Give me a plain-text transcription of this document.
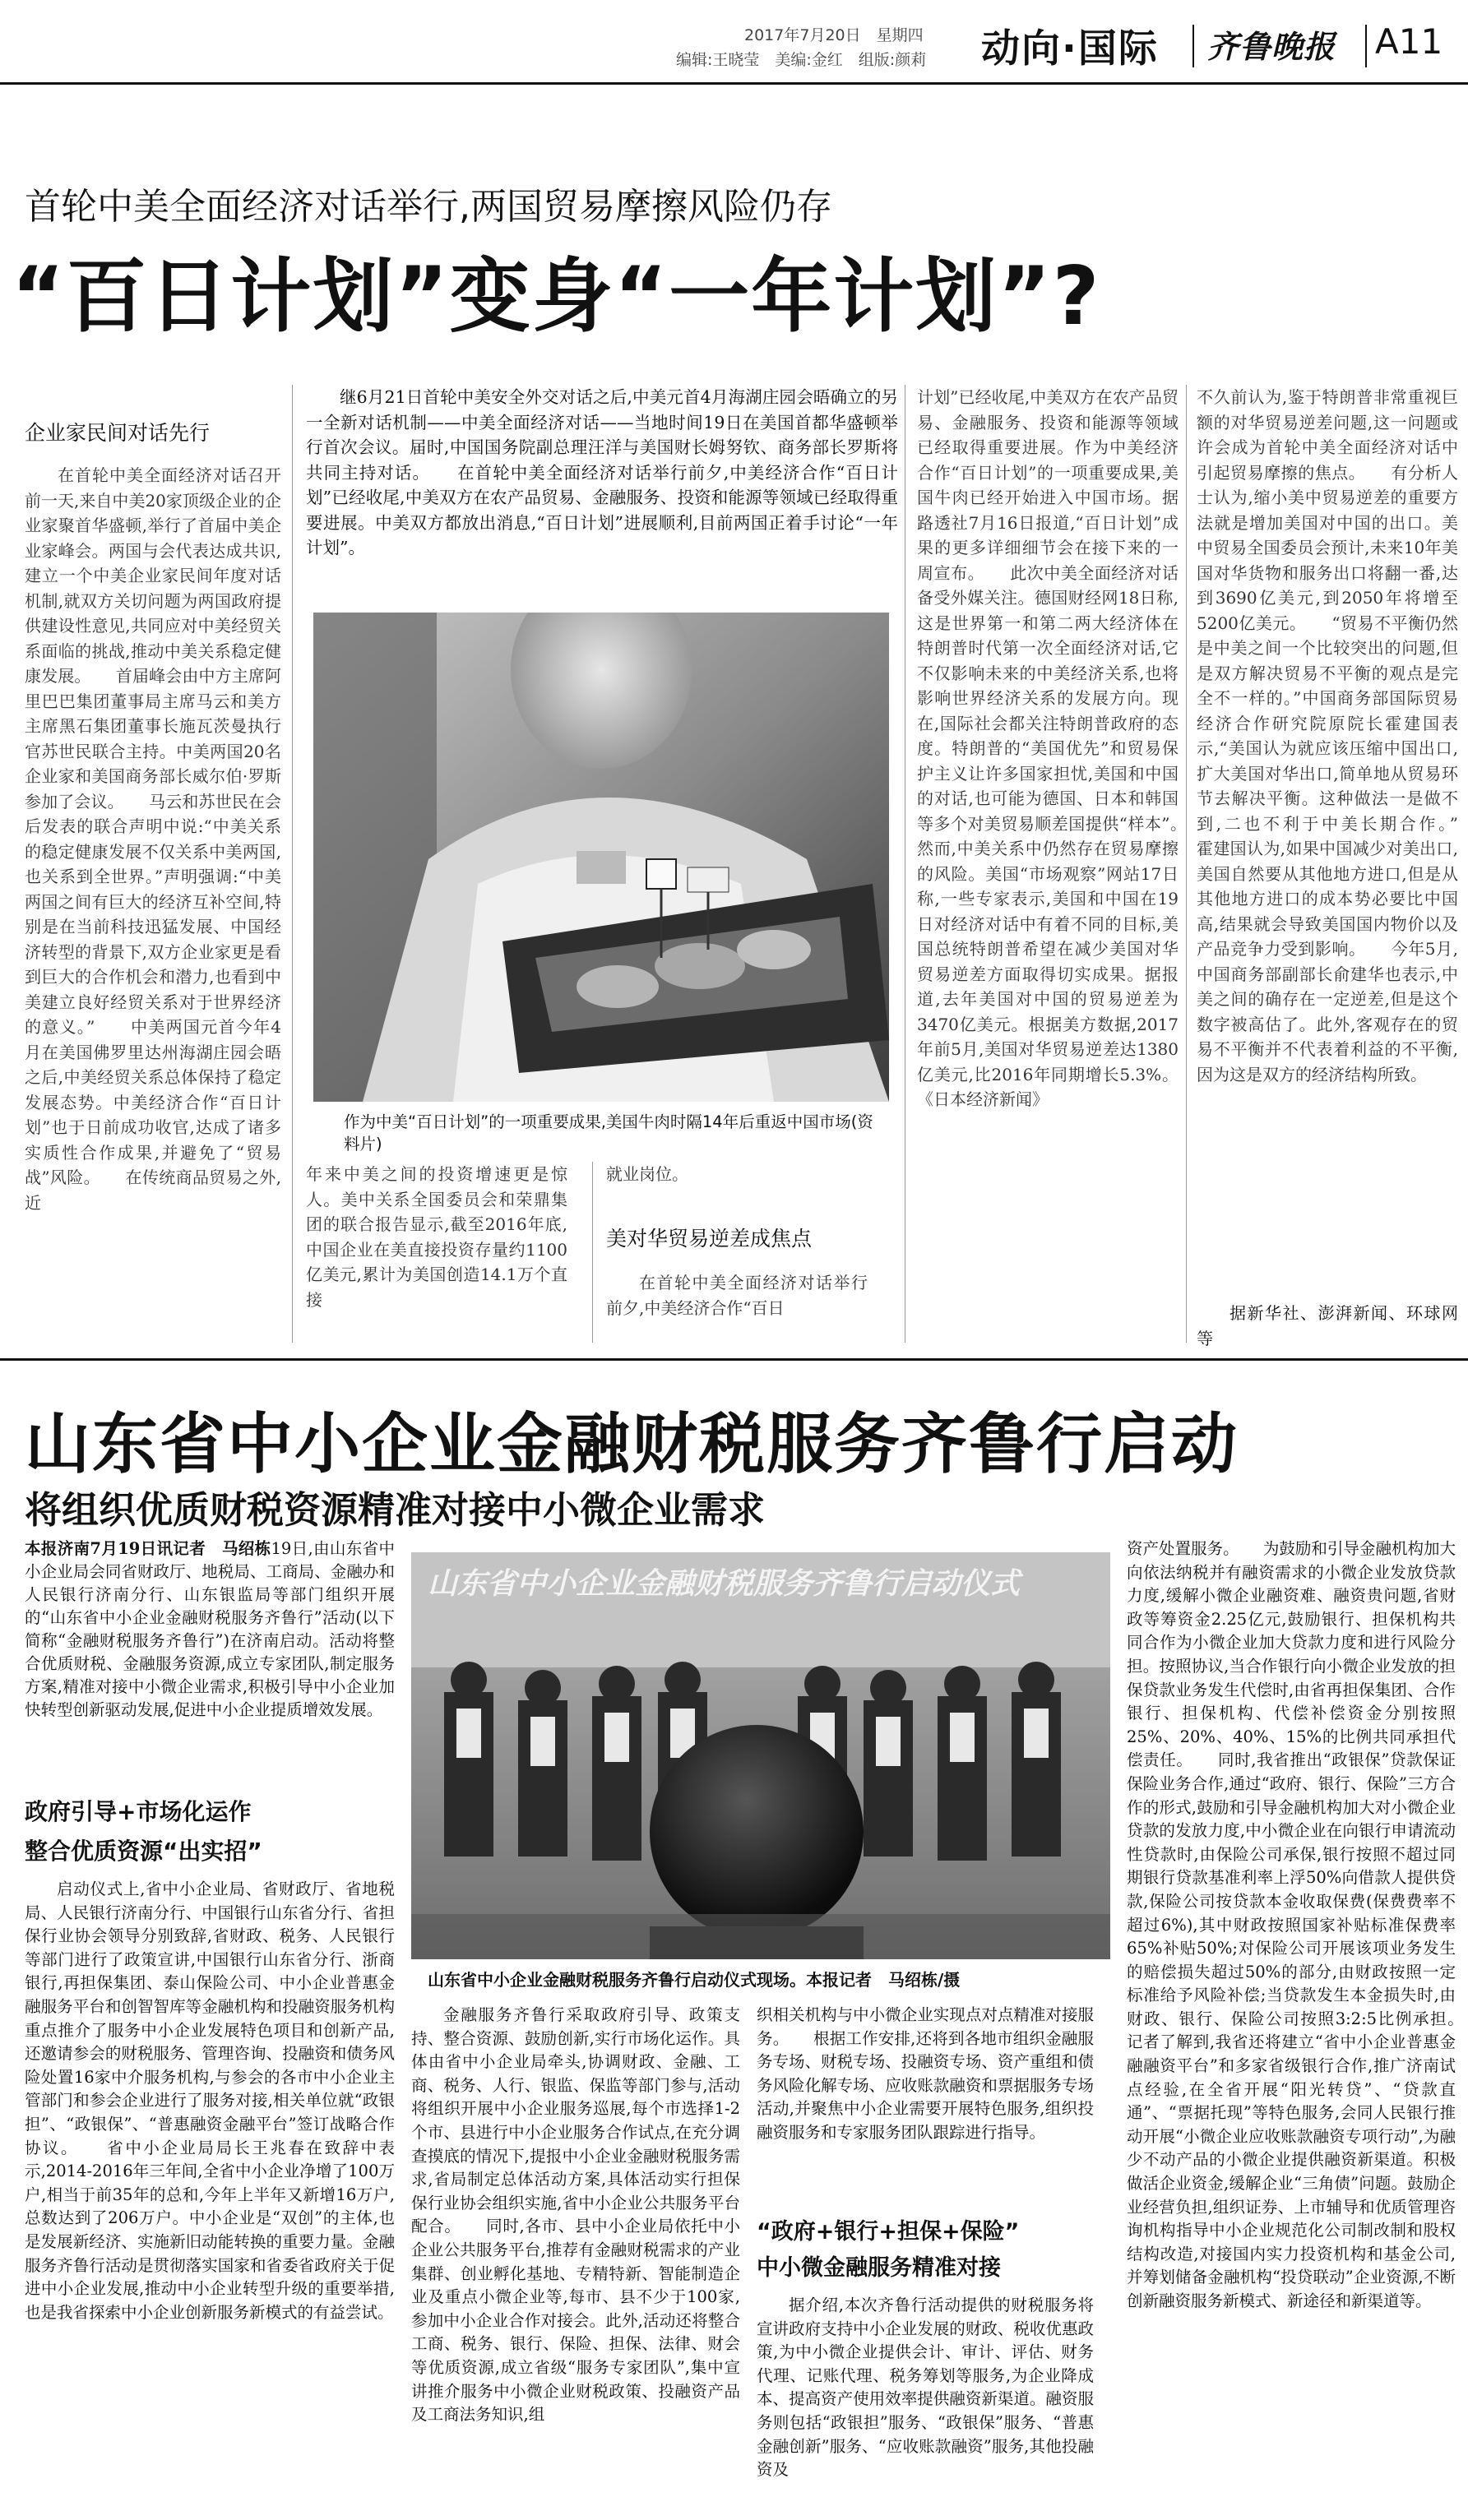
2017年7月20日　星期四
编辑:王晓莹　美编:金红　组版:颜莉 动向·国际 齐鲁晚报 A11
首轮中美全面经济对话举行,两国贸易摩擦风险仍存
“百日计划”变身“一年计划”?
企业家民间对话先行

继6月21日首轮中美安全外交对话之后,中美元首4月海湖庄园会晤确立的另一全新对话机制——中美全面经济对话——当地时间19日在美国首都华盛顿举行首次会议。届时,中国国务院副总理汪洋与美国财长姆努钦、商务部长罗斯将共同主持对话。　　在首轮中美全面经济对话举行前夕,中美经济合作“百日计划”已经收尾,中美双方在农产品贸易、金融服务、投资和能源等领域已经取得重要进展。中美双方都放出消息,“百日计划”进展顺利,目前两国正着手讨论“一年计划”。

在首轮中美全面经济对话召开前一天,来自中美20家顶级企业的企业家聚首华盛顿,举行了首届中美企业家峰会。两国与会代表达成共识,建立一个中美企业家民间年度对话机制,就双方关切问题为两国政府提供建设性意见,共同应对中美经贸关系面临的挑战,推动中美关系稳定健康发展。　　首届峰会由中方主席阿里巴巴集团董事局主席马云和美方主席黑石集团董事长施瓦茨曼执行官苏世民联合主持。中美两国20名企业家和美国商务部长威尔伯·罗斯参加了会议。　　马云和苏世民在会后发表的联合声明中说:“中美关系的稳定健康发展不仅关系中美两国,也关系到全世界。”声明强调:“中美两国之间有巨大的经济互补空间,特别是在当前科技迅猛发展、中国经济转型的背景下,双方企业家更是看到巨大的合作机会和潜力,也看到中美建立良好经贸关系对于世界经济的意义。”　　中美两国元首今年4月在美国佛罗里达州海湖庄园会晤之后,中美经贸关系总体保持了稳定发展态势。中美经济合作“百日计划”也于日前成功收官,达成了诸多实质性合作成果,并避免了“贸易战”风险。　　在传统商品贸易之外,近

作为中美“百日计划”的一项重要成果,美国牛肉时隔14年后重返中国市场(资料片)

年来中美之间的投资增速更是惊人。美中关系全国委员会和荣鼎集团的联合报告显示,截至2016年底,中国企业在美直接投资存量约1100亿美元,累计为美国创造14.1万个直接

就业岗位。

美对华贸易逆差成焦点

在首轮中美全面经济对话举行前夕,中美经济合作“百日

计划”已经收尾,中美双方在农产品贸易、金融服务、投资和能源等领域已经取得重要进展。作为中美经济合作“百日计划”的一项重要成果,美国牛肉已经开始进入中国市场。据路透社7月16日报道,“百日计划”成果的更多详细细节会在接下来的一周宣布。　　此次中美全面经济对话备受外媒关注。德国财经网18日称,这是世界第一和第二两大经济体在特朗普时代第一次全面经济对话,它不仅影响未来的中美经济关系,也将影响世界经济关系的发展方向。现在,国际社会都关注特朗普政府的态度。特朗普的“美国优先”和贸易保护主义让许多国家担忧,美国和中国的对话,也可能为德国、日本和韩国等多个对美贸易顺差国提供“样本”。　　然而,中美关系中仍然存在贸易摩擦的风险。美国“市场观察”网站17日称,一些专家表示,美国和中国在19日对经济对话中有着不同的目标,美国总统特朗普希望在减少美国对华贸易逆差方面取得切实成果。据报道,去年美国对中国的贸易逆差为3470亿美元。根据美方数据,2017年前5月,美国对华贸易逆差达1380亿美元,比2016年同期增长5.3%。《日本经济新闻》

不久前认为,鉴于特朗普非常重视巨额的对华贸易逆差问题,这一问题或许会成为首轮中美全面经济对话中引起贸易摩擦的焦点。　　有分析人士认为,缩小美中贸易逆差的重要方法就是增加美国对中国的出口。美中贸易全国委员会预计,未来10年美国对华货物和服务出口将翻一番,达到3690亿美元,到2050年将增至5200亿美元。　　“贸易不平衡仍然是中美之间一个比较突出的问题,但是双方解决贸易不平衡的观点是完全不一样的。”中国商务部国际贸易经济合作研究院原院长霍建国表示,“美国认为就应该压缩中国出口,扩大美国对华出口,简单地从贸易环节去解决平衡。这种做法一是做不到,二也不利于中美长期合作。”　　霍建国认为,如果中国减少对美出口,美国自然要从其他地方进口,但是从其他地方进口的成本势必要比中国高,结果就会导致美国国内物价以及产品竞争力受到影响。　　今年5月,中国商务部副部长俞建华也表示,中美之间的确存在一定逆差,但是这个数字被高估了。此外,客观存在的贸易不平衡并不代表着利益的不平衡,因为这是双方的经济结构所致。

据新华社、澎湃新闻、环球网等

山东省中小企业金融财税服务齐鲁行启动
将组织优质财税资源精准对接中小微企业需求

本报济南7月19日讯记者　马绍栋19日,由山东省中小企业局会同省财政厅、地税局、工商局、金融办和人民银行济南分行、山东银监局等部门组织开展的“山东省中小企业金融财税服务齐鲁行”活动(以下简称“金融财税服务齐鲁行”)在济南启动。活动将整合优质财税、金融服务资源,成立专家团队,制定服务方案,精准对接中小微企业需求,积极引导中小企业加快转型创新驱动发展,促进中小企业提质增效发展。

政府引导+市场化运作
整合优质资源“出实招”

启动仪式上,省中小企业局、省财政厅、省地税局、人民银行济南分行、中国银行山东省分行、省担保行业协会领导分别致辞,省财政、税务、人民银行等部门进行了政策宣讲,中国银行山东省分行、浙商银行,再担保集团、泰山保险公司、中小企业普惠金融服务平台和创智智库等金融机构和投融资服务机构重点推介了服务中小企业发展特色项目和创新产品,还邀请参会的财税服务、管理咨询、投融资和债务风险处置16家中介服务机构,与参会的各市中小企业主管部门和参会企业进行了服务对接,相关单位就“政银担”、“政银保”、“普惠融资金融平台”签订战略合作协议。　　省中小企业局局长王兆春在致辞中表示,2014-2016年三年间,全省中小企业净增了100万户,相当于前35年的总和,今年上半年又新增16万户,总数达到了206万户。中小企业是“双创”的主体,也是发展新经济、实施新旧动能转换的重要力量。金融服务齐鲁行活动是贯彻落实国家和省委省政府关于促进中小企业发展,推动中小企业转型升级的重要举措,也是我省探索中小企业创新服务新模式的有益尝试。

山东省中小企业金融财税服务齐鲁行启动仪式
山东省中小企业金融财税服务齐鲁行启动仪式现场。本报记者　马绍栋/摄

金融服务齐鲁行采取政府引导、政策支持、整合资源、鼓励创新,实行市场化运作。具体由省中小企业局牵头,协调财政、金融、工商、税务、人行、银监、保监等部门参与,活动将组织开展中小企业服务巡展,每个市选择1-2个市、县进行中小企业服务合作试点,在充分调查摸底的情况下,提报中小企业金融财税服务需求,省局制定总体活动方案,具体活动实行担保保行业协会组织实施,省中小企业公共服务平台配合。　　同时,各市、县中小企业局依托中小企业公共服务平台,推荐有金融财税需求的产业集群、创业孵化基地、专精特新、智能制造企业及重点小微企业等,每市、县不少于100家,参加中小企业合作对接会。此外,活动还将整合工商、税务、银行、保险、担保、法律、财会等优质资源,成立省级“服务专家团队”,集中宣讲推介服务中小微企业财税政策、投融资产品及工商法务知识,组

织相关机构与中小微企业实现点对点精准对接服务。　　根据工作安排,还将到各地市组织金融服务专场、财税专场、投融资专场、资产重组和债务风险化解专场、应收账款融资和票据服务专场活动,并聚焦中小企业需要开展特色服务,组织投融资服务和专家服务团队跟踪进行指导。

“政府+银行+担保+保险”
中小微金融服务精准对接

据介绍,本次齐鲁行活动提供的财税服务将宣讲政府支持中小企业发展的财政、税收优惠政策,为中小微企业提供会计、审计、评估、财务代理、记账代理、税务筹划等服务,为企业降成本、提高资产使用效率提供融资新渠道。融资服务则包括“政银担”服务、“政银保”服务、“普惠金融创新”服务、“应收账款融资”服务,其他投融资及

资产处置服务。　　为鼓励和引导金融机构加大向依法纳税并有融资需求的小微企业发放贷款力度,缓解小微企业融资难、融资贵问题,省财政等筹资金2.25亿元,鼓励银行、担保机构共同合作为小微企业加大贷款力度和进行风险分担。按照协议,当合作银行向小微企业发放的担保贷款业务发生代偿时,由省再担保集团、合作银行、担保机构、代偿补偿资金分别按照25%、20%、40%、15%的比例共同承担代偿责任。　　同时,我省推出“政银保”贷款保证保险业务合作,通过“政府、银行、保险”三方合作的形式,鼓励和引导金融机构加大对小微企业贷款的发放力度,中小微企业在向银行申请流动性贷款时,由保险公司承保,银行按照不超过同期银行贷款基准利率上浮50%向借款人提供贷款,保险公司按贷款本金收取保费(保费费率不超过6%),其中财政按照国家补贴标准保费率65%补贴50%;对保险公司开展该项业务发生的赔偿损失超过50%的部分,由财政按照一定标准给予风险补偿;当贷款发生本金损失时,由财政、银行、保险公司按照3:2:5比例承担。　　记者了解到,我省还将建立“省中小企业普惠金融融资平台”和多家省级银行合作,推广济南试点经验,在全省开展“阳光转贷”、“贷款直通”、“票据托现”等特色服务,会同人民银行推动开展“小微企业应收账款融资专项行动”,为融少不动产品的小微企业提供融资新渠道。积极做活企业资金,缓解企业“三角债”问题。鼓励企业经营负担,组织证券、上市辅导和优质管理咨询机构指导中小企业规范化公司制改制和股权结构改造,对接国内实力投资机构和基金公司,并筹划储备金融机构“投贷联动”企业资源,不断创新融资服务新模式、新途径和新渠道等。
